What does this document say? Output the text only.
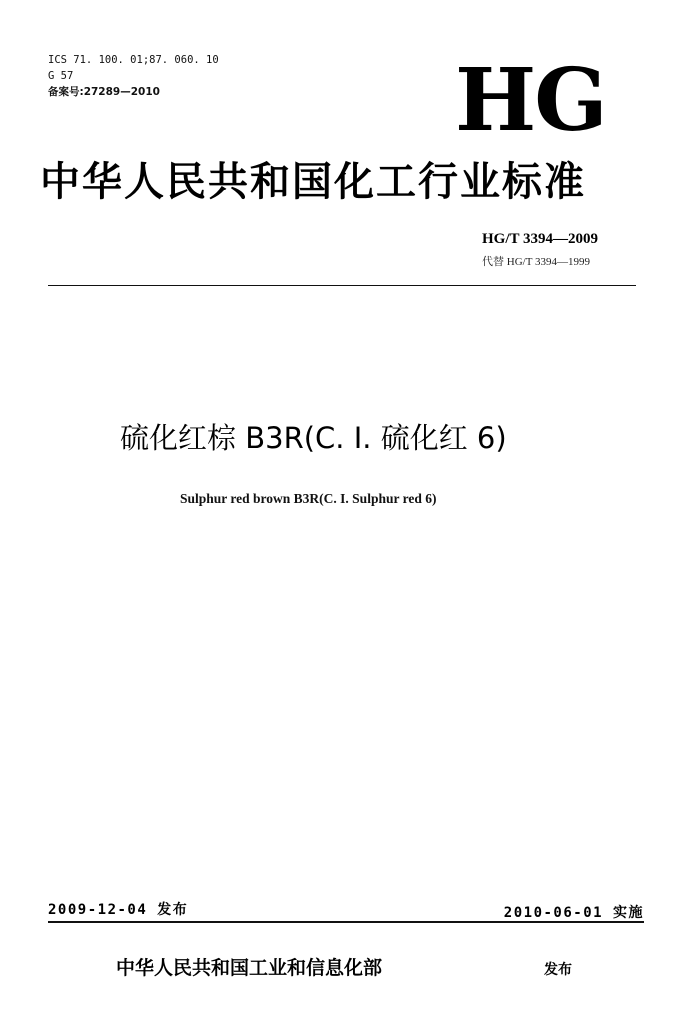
ICS 71. 100. 01;87. 060. 10
G 57
备案号:27289—2010	HG
中华人民共和国化工行业标准
HG/T 3394—2009
代替 HG/T 3394—1999
硫化红棕 B3R(C. I. 硫化红 6)
Sulphur red brown B3R(C. I. Sulphur red 6)
2009-12-04 发布	2010-06-01 实施
中华人民共和国工业和信息化部	发布
